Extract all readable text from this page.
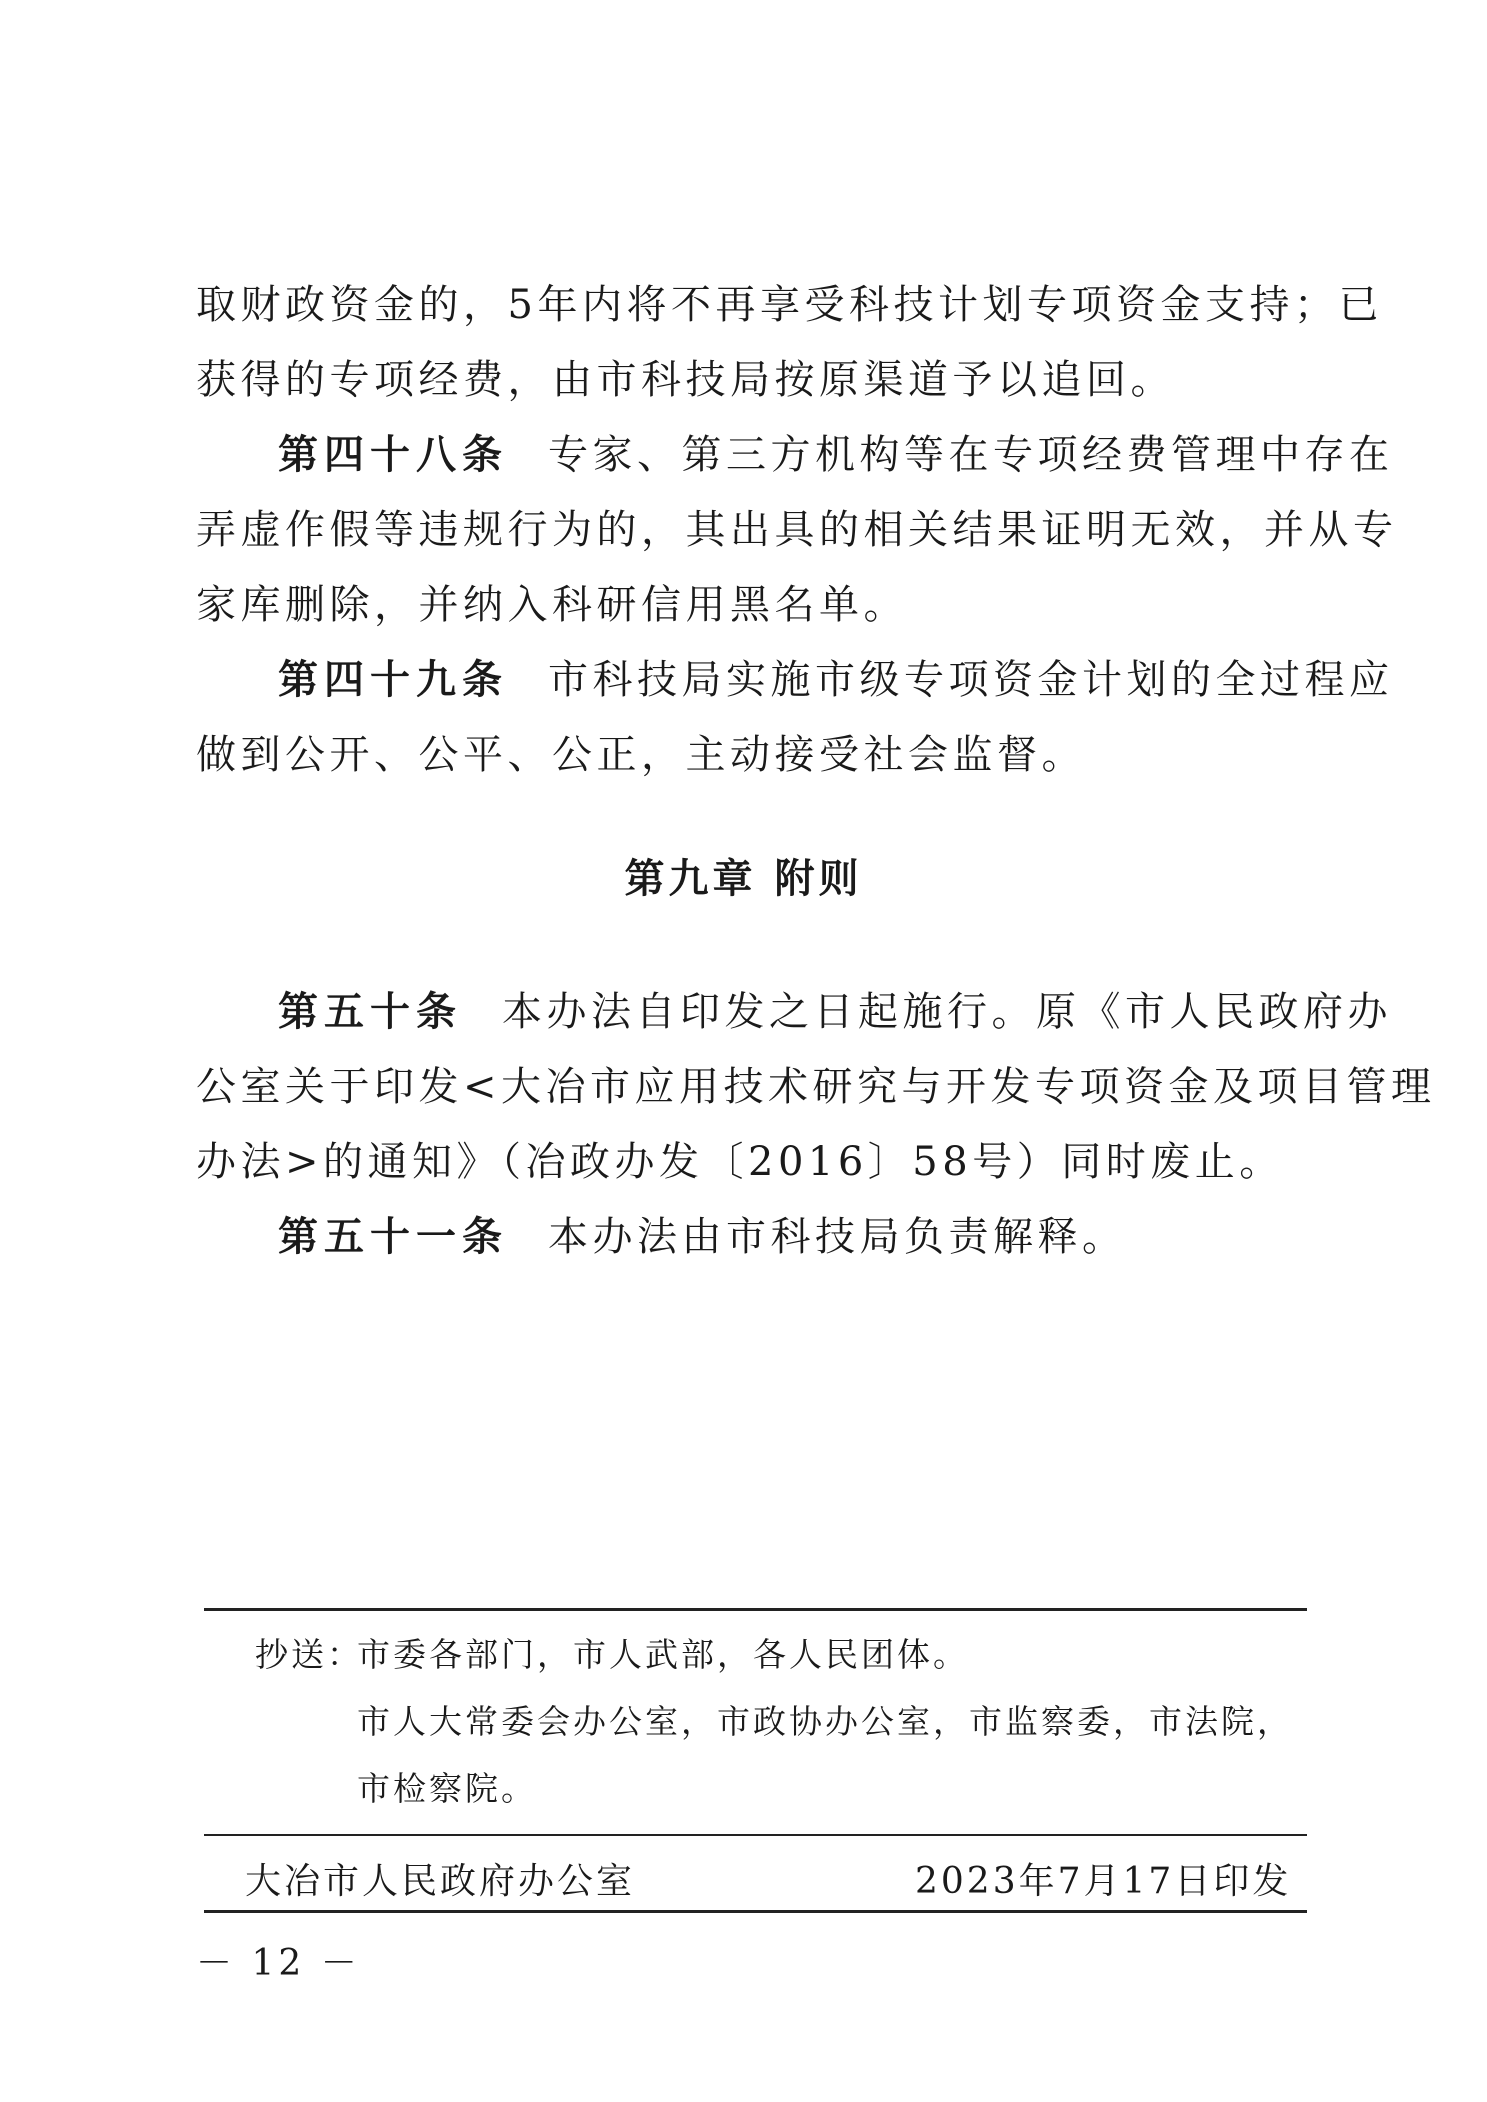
取财政资金的，5年内将不再享受科技计划专项资金支持；已
获得的专项经费，由市科技局按原渠道予以追回。
第四十八条 专家、第三方机构等在专项经费管理中存在
弄虚作假等违规行为的，其出具的相关结果证明无效，并从专
家库删除，并纳入科研信用黑名单。
第四十九条 市科技局实施市级专项资金计划的全过程应
做到公开、公平、公正，主动接受社会监督。
第九章 附则
第五十条 本办法自印发之日起施行。原《市人民政府办
公室关于印发<大冶市应用技术研究与开发专项资金及项目管理
办法>的通知》（冶政办发〔2016〕58号）同时废止。
第五十一条 本办法由市科技局负责解释。
抄送：
市委各部门，市人武部，各人民团体。
市人大常委会办公室，市政协办公室，市监察委，市法院，
市检察院。
大冶市人民政府办公室	2023年7月17日印发
－ 12 －
